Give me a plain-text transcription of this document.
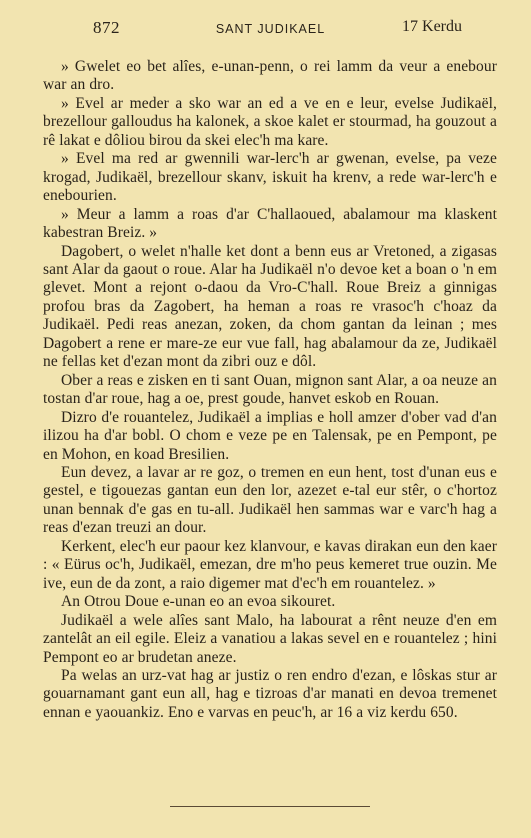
872	SANT JUDIKAEL	17 Kerdu

» Gwelet eo bet alîes, e-unan-penn, o rei lamm da veur a enebour war an dro.

» Evel ar meder a sko war an ed a ve en e leur, evelse Judikaël, brezellour galloudus ha kalonek, a skoe kalet er stourmad, ha gouzout a rê lakat e dôliou birou da skei elec'h ma kare.

» Evel ma red ar gwennili war-lerc'h ar gwenan, evelse, pa veze krogad, Judikaël, brezellour skanv, iskuit ha krenv, a rede war-lerc'h e enebourien.

» Meur a lamm a roas d'ar C'hallaoued, abalamour ma klaskent kabestran Breiz. »

Dagobert, o welet n'halle ket dont a benn eus ar Vretoned, a zigasas sant Alar da gaout o roue. Alar ha Judikaël n'o devoe ket a boan o 'n em glevet. Mont a rejont o-daou da Vro-C'hall. Roue Breiz a ginnigas profou bras da Zagobert, ha heman a roas re vrasoc'h c'hoaz da Judikaël. Pedi reas anezan, zoken, da chom gantan da leinan ; mes Dagobert a rene er mare-ze eur vue fall, hag abalamour da ze, Judikaël ne fellas ket d'ezan mont da zibri ouz e dôl.

Ober a reas e zisken en ti sant Ouan, mignon sant Alar, a oa neuze an tostan d'ar roue, hag a oe, prest goude, hanvet eskob en Rouan.

Dizro d'e rouantelez, Judikaël a implias e holl amzer d'ober vad d'an ilizou ha d'ar bobl. O chom e veze pe en Talensak, pe en Pempont, pe en Mohon, en koad Bresilien.

Eun devez, a lavar ar re goz, o tremen en eun hent, tost d'unan eus e gestel, e tigouezas gantan eun den lor, azezet e-tal eur stêr, o c'hortoz unan bennak d'e gas en tu-all. Judikaël hen sammas war e varc'h hag a reas d'ezan treuzi an dour.

Kerkent, elec'h eur paour kez klanvour, e kavas dirakan eun den kaer : « Eürus oc'h, Judikaël, emezan, dre m'ho peus kemeret true ouzin. Me ive, eun de da zont, a raio digemer mat d'ec'h em rouantelez. »

An Otrou Doue e-unan eo an evoa sikouret.

Judikaël a wele alîes sant Malo, ha labourat a rênt neuze d'en em zantelât an eil egile. Eleiz a vanatiou a lakas sevel en e rouantelez ; hini Pempont eo ar brudetan aneze.

Pa welas an urz-vat hag ar justiz o ren endro d'ezan, e lôskas stur ar gouarnamant gant eun all, hag e tizroas d'ar manati en devoa tremenet ennan e yaouankiz. Eno e varvas en peuc'h, ar 16 a viz kerdu 650.
